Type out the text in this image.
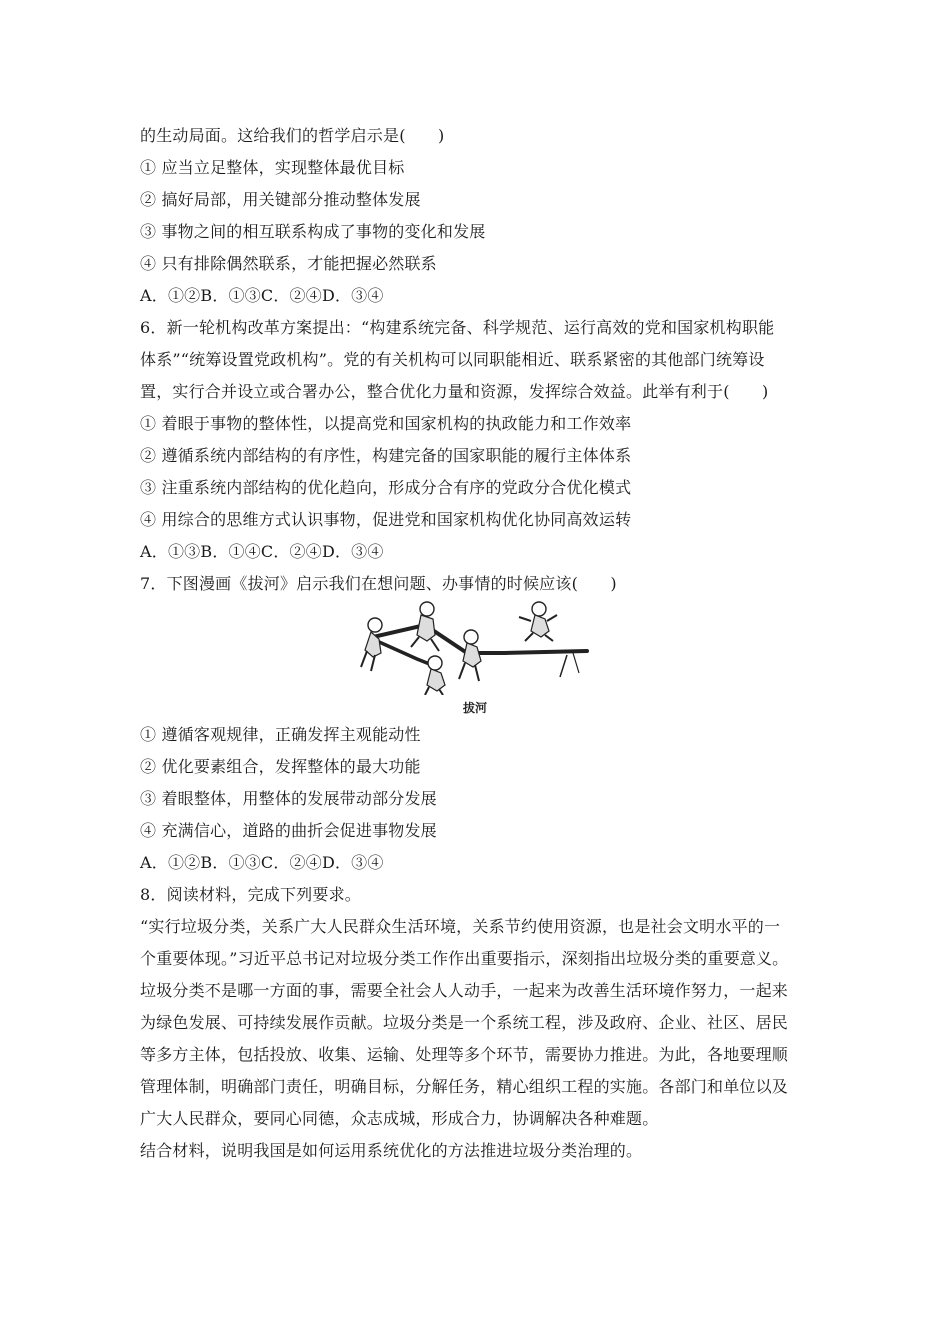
的生动局面。这给我们的哲学启示是(　　)
① 应当立足整体，实现整体最优目标
② 搞好局部，用关键部分推动整体发展
③ 事物之间的相互联系构成了事物的变化和发展
④ 只有排除偶然联系，才能把握必然联系
A．①②B．①③C．②④D．③④
6．新一轮机构改革方案提出：“构建系统完备、科学规范、运行高效的党和国家机构职能
体系”“统筹设置党政机构”。党的有关机构可以同职能相近、联系紧密的其他部门统筹设
置，实行合并设立或合署办公，整合优化力量和资源，发挥综合效益。此举有利于(　　)
① 着眼于事物的整体性，以提高党和国家机构的执政能力和工作效率
② 遵循系统内部结构的有序性，构建完备的国家职能的履行主体体系
③ 注重系统内部结构的优化趋向，形成分合有序的党政分合优化模式
④ 用综合的思维方式认识事物，促进党和国家机构优化协同高效运转
A．①③B．①④C．②④D．③④
7．下图漫画《拔河》启示我们在想问题、办事情的时候应该(　　)
拔河
① 遵循客观规律，正确发挥主观能动性
② 优化要素组合，发挥整体的最大功能
③ 着眼整体，用整体的发展带动部分发展
④ 充满信心，道路的曲折会促进事物发展
A．①②B．①③C．②④D．③④
8．阅读材料，完成下列要求。
“实行垃圾分类，关系广大人民群众生活环境，关系节约使用资源，也是社会文明水平的一
个重要体现。”习近平总书记对垃圾分类工作作出重要指示，深刻指出垃圾分类的重要意义。
垃圾分类不是哪一方面的事，需要全社会人人动手，一起来为改善生活环境作努力，一起来
为绿色发展、可持续发展作贡献。垃圾分类是一个系统工程，涉及政府、企业、社区、居民
等多方主体，包括投放、收集、运输、处理等多个环节，需要协力推进。为此，各地要理顺
管理体制，明确部门责任，明确目标，分解任务，精心组织工程的实施。各部门和单位以及
广大人民群众，要同心同德，众志成城，形成合力，协调解决各种难题。
结合材料，说明我国是如何运用系统优化的方法推进垃圾分类治理的。
